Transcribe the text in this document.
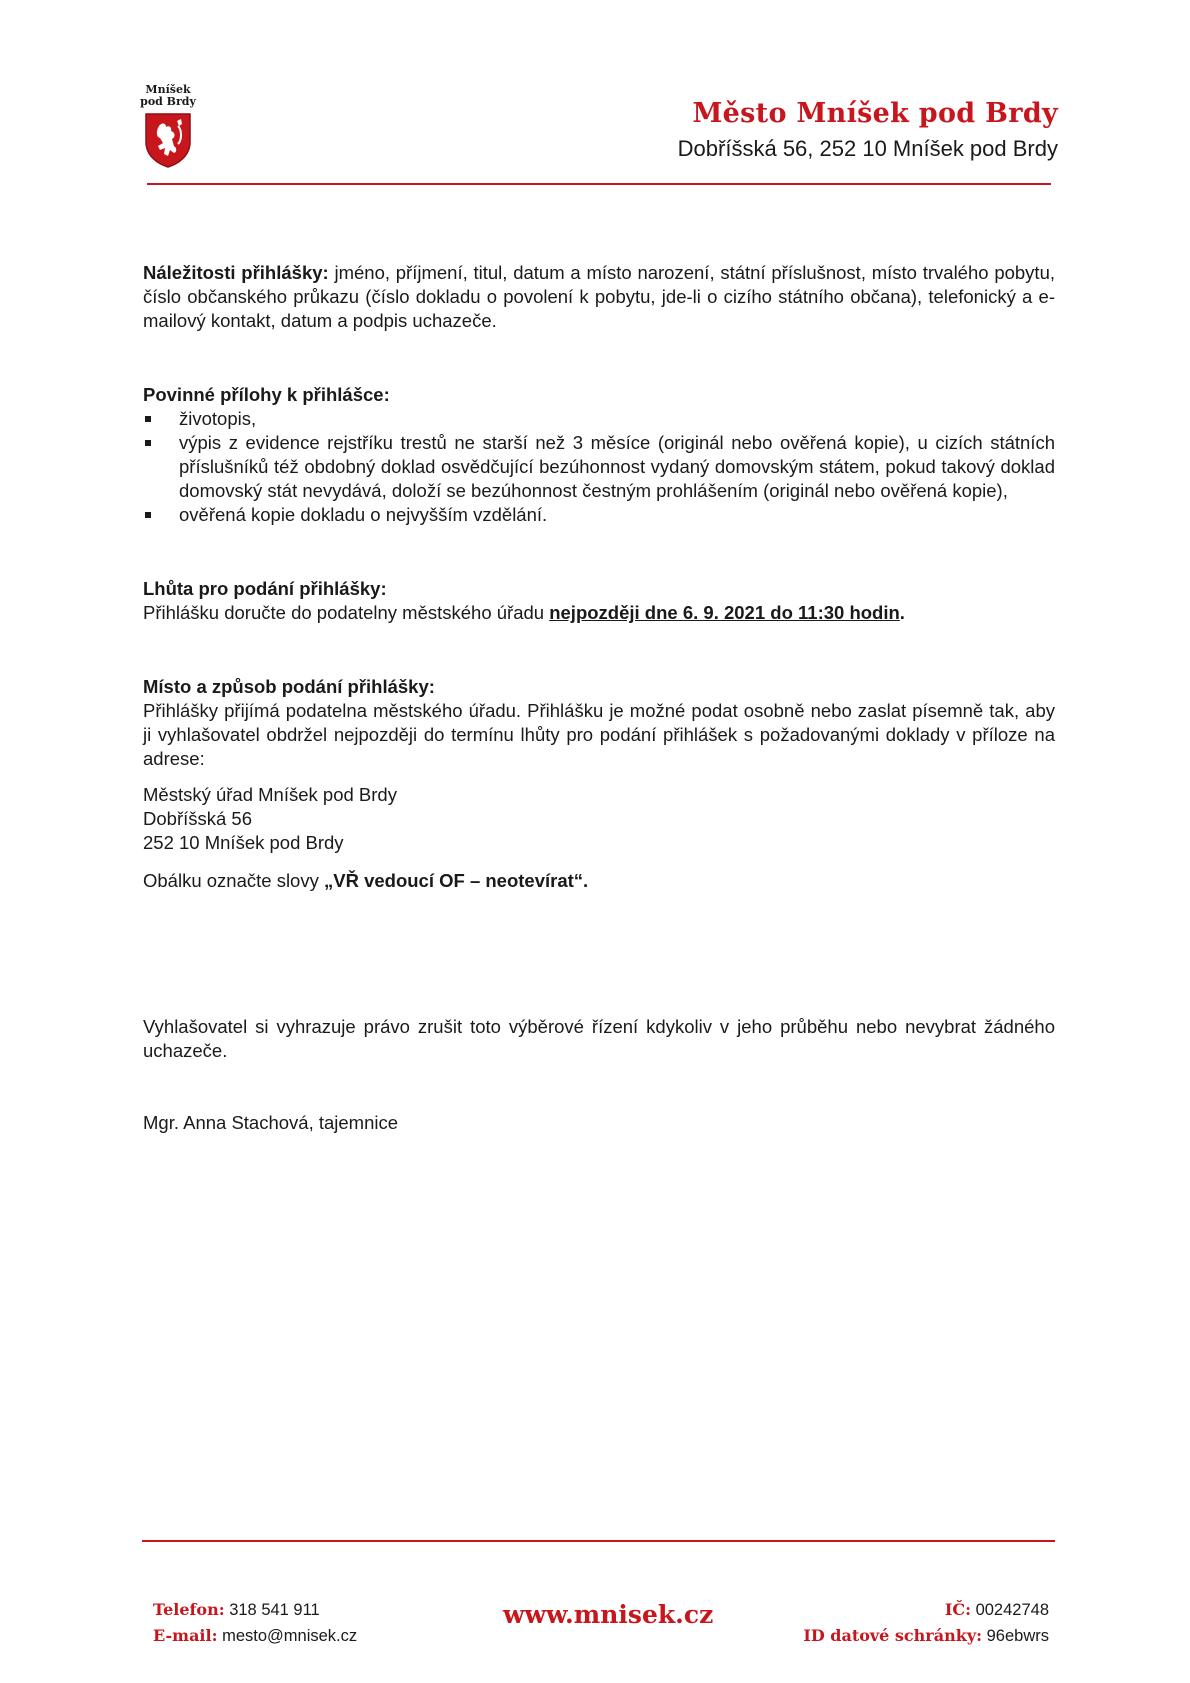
Mníšek
pod Brdy	Město Mníšek pod Brdy
Dobříšská 56, 252 10 Mníšek pod Brdy

Náležitosti přihlášky: jméno, příjmení, titul, datum a místo narození, státní příslušnost, místo trvalého pobytu, číslo občanského průkazu (číslo dokladu o povolení k pobytu, jde-li o cizího státního občana), telefonický a e-mailový kontakt, datum a podpis uchazeče.

Povinné přílohy k přihlášce:

životopis,
výpis z evidence rejstříku trestů ne starší než 3 měsíce (originál nebo ověřená kopie), u cizích státních příslušníků též obdobný doklad osvědčující bezúhonnost vydaný domovským státem, pokud takový doklad domovský stát nevydává, doloží se bezúhonnost čestným prohlášením (originál nebo ověřená kopie),
ověřená kopie dokladu o nejvyšším vzdělání.

Lhůta pro podání přihlášky:

Přihlášku doručte do podatelny městského úřadu nejpozději dne 6. 9. 2021 do 11:30 hodin.

Místo a způsob podání přihlášky:

Přihlášky přijímá podatelna městského úřadu. Přihlášku je možné podat osobně nebo zaslat písemně tak, aby ji vyhlašovatel obdržel nejpozději do termínu lhůty pro podání přihlášek s požadovanými doklady v příloze na adrese:

Městský úřad Mníšek pod Brdy
Dobříšská 56
252 10 Mníšek pod Brdy

Obálku označte slovy „VŘ vedoucí OF – neotevírat“.

Vyhlašovatel si vyhrazuje právo zrušit toto výběrové řízení kdykoliv v jeho průběhu nebo nevybrat žádného uchazeče.

Mgr. Anna Stachová, tajemnice

Telefon: 318 541 911
E-mail: mesto@mnisek.cz
www.mnisek.cz	IČ: 00242748
ID datové schránky: 96ebwrs
